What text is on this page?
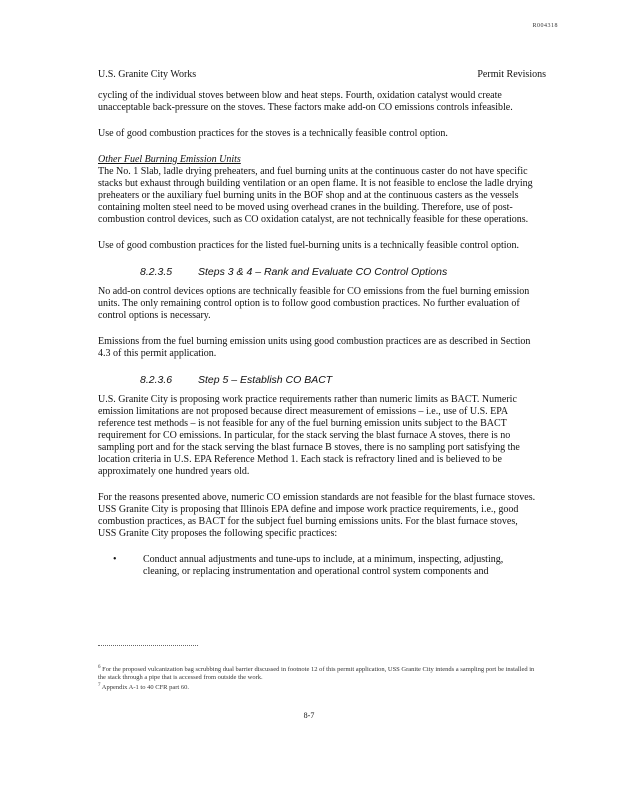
R004318
U.S. Granite City Works	Permit Revisions

cycling of the individual stoves between blow and heat steps. Fourth, oxidation catalyst would create unacceptable back-pressure on the stoves. These factors make add-on CO emissions controls infeasible.

Use of good combustion practices for the stoves is a technically feasible control option.

Other Fuel Burning Emission Units

The No. 1 Slab, ladle drying preheaters, and fuel burning units at the continuous caster do not have specific stacks but exhaust through building ventilation or an open flame. It is not feasible to enclose the ladle drying preheaters or the auxiliary fuel burning units in the BOF shop and at the continuous casters as the vessels containing molten steel need to be moved using overhead cranes in the building. Therefore, use of post-combustion control devices, such as CO oxidation catalyst, are not technically feasible for these operations.

Use of good combustion practices for the listed fuel-burning units is a technically feasible control option.

8.2.3.5 Steps 3 & 4 – Rank and Evaluate CO Control Options

No add-on control devices options are technically feasible for CO emissions from the fuel burning emission units. The only remaining control option is to follow good combustion practices. No further evaluation of control options is necessary.

Emissions from the fuel burning emission units using good combustion practices are as described in Section 4.3 of this permit application.

8.2.3.6 Step 5 – Establish CO BACT

U.S. Granite City is proposing work practice requirements rather than numeric limits as BACT. Numeric emission limitations are not proposed because direct measurement of emissions – i.e., use of U.S. EPA reference test methods – is not feasible for any of the fuel burning emission units subject to the BACT requirement for CO emissions. In particular, for the stack serving the blast furnace A stoves, there is no sampling port and for the stack serving the blast furnace B stoves, there is no sampling port satisfying the location criteria in U.S. EPA Reference Method 1. Each stack is refractory lined and is believed to be approximately one hundred years old.

For the reasons presented above, numeric CO emission standards are not feasible for the blast furnace stoves. USS Granite City is proposing that Illinois EPA define and impose work practice requirements, i.e., good combustion practices, as BACT for the subject fuel burning emissions units. For the blast furnace stoves, USS Granite City proposes the following specific practices:

•	Conduct annual adjustments and tune-ups to include, at a minimum, inspecting, adjusting, cleaning, or replacing instrumentation and operational control system components and

$^6$ For the proposed vulcanization bag scrubbing dual barrier discussed in footnote 12 of this permit application, USS Granite City intends a sampling port be installed in the stack through a pipe that is accessed from outside the work.

$^7$ Appendix A-1 to 40 CFR part 60.

8-7
